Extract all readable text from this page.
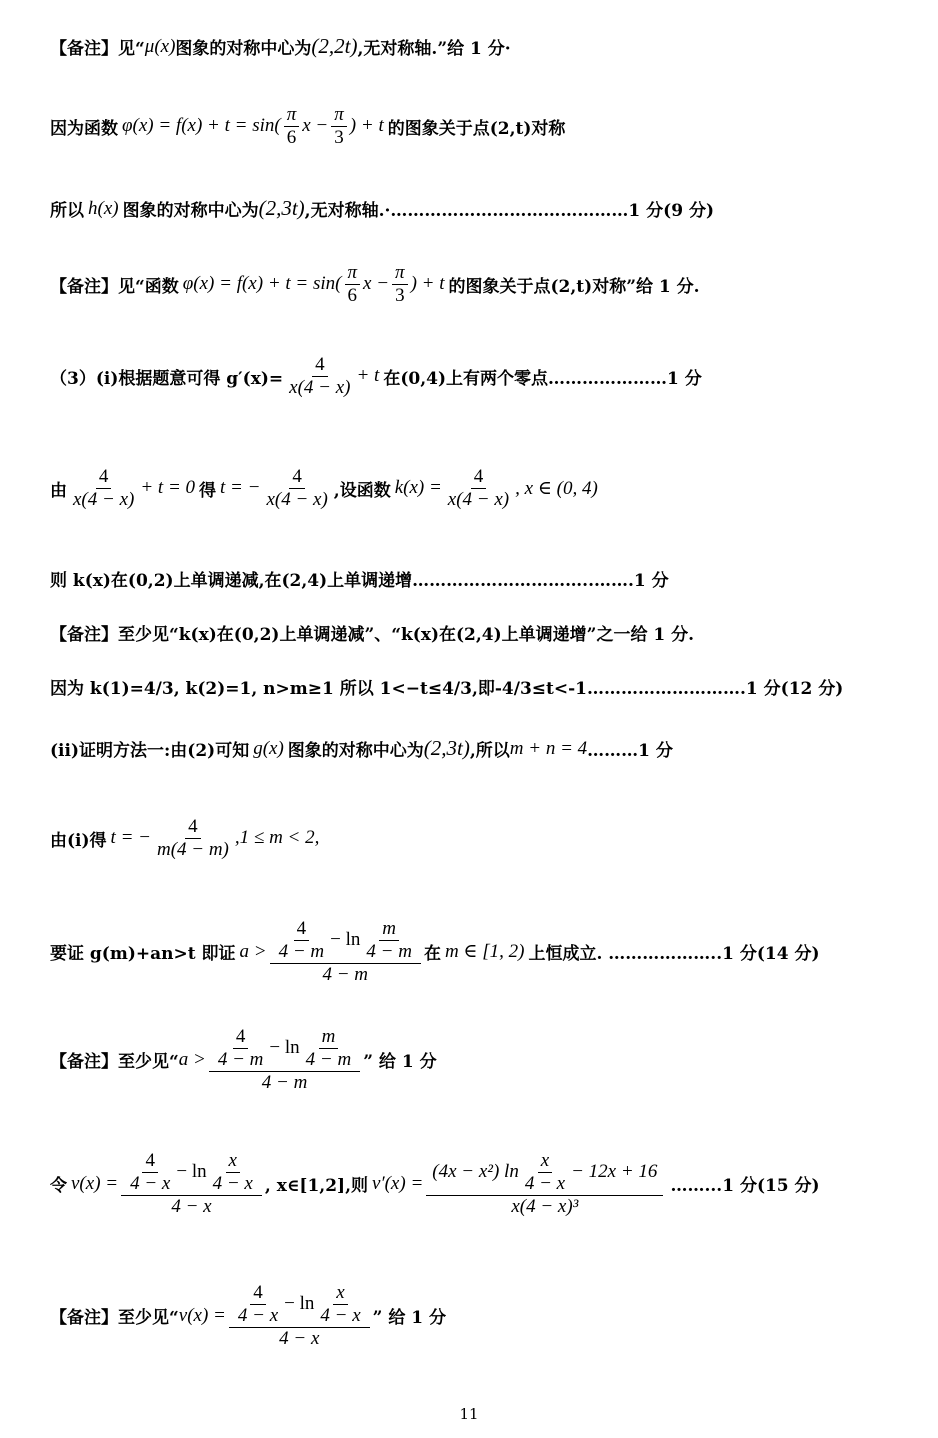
【备注】见“ μ(x) 图象的对称中心为 (2,2t) ,无对称轴.”给 1 分·
因为函数 $\varphi(x) = f(x) + t = \sin( \frac{\pi}{6}$ $x - \frac{\pi}{3}$ ) + t 的图象关于点(2,t)对称
所以 h(x) 图象的对称中心为 (2,3t) ,无对称轴.·……………………………………1 分(9 分)
【备注】见“函数 $\varphi(x) = f(x) + t = \sin( \frac{\pi}{6}$ $x - \frac{\pi}{3}$ ) + t 的图象关于点(2,t)对称”给 1 分.
（3）(i)根据题意可得 $g'(x)= \frac{4}{x(4 - x)} + t$ 在(0,4)上有两个零点…………………1 分
由 $\frac{4}{x(4 - x)} + t = 0$ 得 t = − $\frac{4}{x(4 - x)}$ ,设函数 $k(x) = \frac{4}{x(4 - x)}$ , x ∈ (0, 4)
则 k(x)在(0,2)上单调递减,在(2,4)上单调递增…………………………..…….1 分
【备注】至少见“k(x)在(0,2)上单调递减”、“k(x)在(2,4)上单调递增”之一给 1 分.
因为 k(1)=4/3, k(2)=1, n>m≥1 所以 1<−t≤4/3,即-4/3≤t<-1……………………….1 分(12 分)
(ii)证明方法一:由(2)可知 g(x) 图象的对称中心为 (2,3t) ,所以 m + n = 4 ………1 分
由(i)得 t = − $\frac{4}{m(4 - m)} ,1 \le m < 2$,
要证 g(m)+an>t 即证 $a > \frac{\frac{4}{4 - m} - \ln \frac{m}{4 - m}}{4 - m}$ 在 m ∈ [1, 2) 上恒成立. ………………..1 分(14 分)
【备注】至少见“ $a > \frac{\frac{4}{4 - m} - \ln \frac{m}{4 - m}}{4 - m}$ ” 给 1 分
令 $v(x) = \frac{\frac{4}{4 - x} - \ln \frac{x}{4 - x}}{4 - x}$ , x∈[1,2],则 $v'(x) = \frac{(4x - x^2) \ln \frac{x}{4 - x} - 12x + 16}{\text{x(4 − x)³}}$ ……...1 分(15 分)
【备注】至少见“ $v(x) = \frac{\frac{4}{4 - x} - \ln \frac{x}{4 - x}}{4 - x}$ ” 给 1 分
11
